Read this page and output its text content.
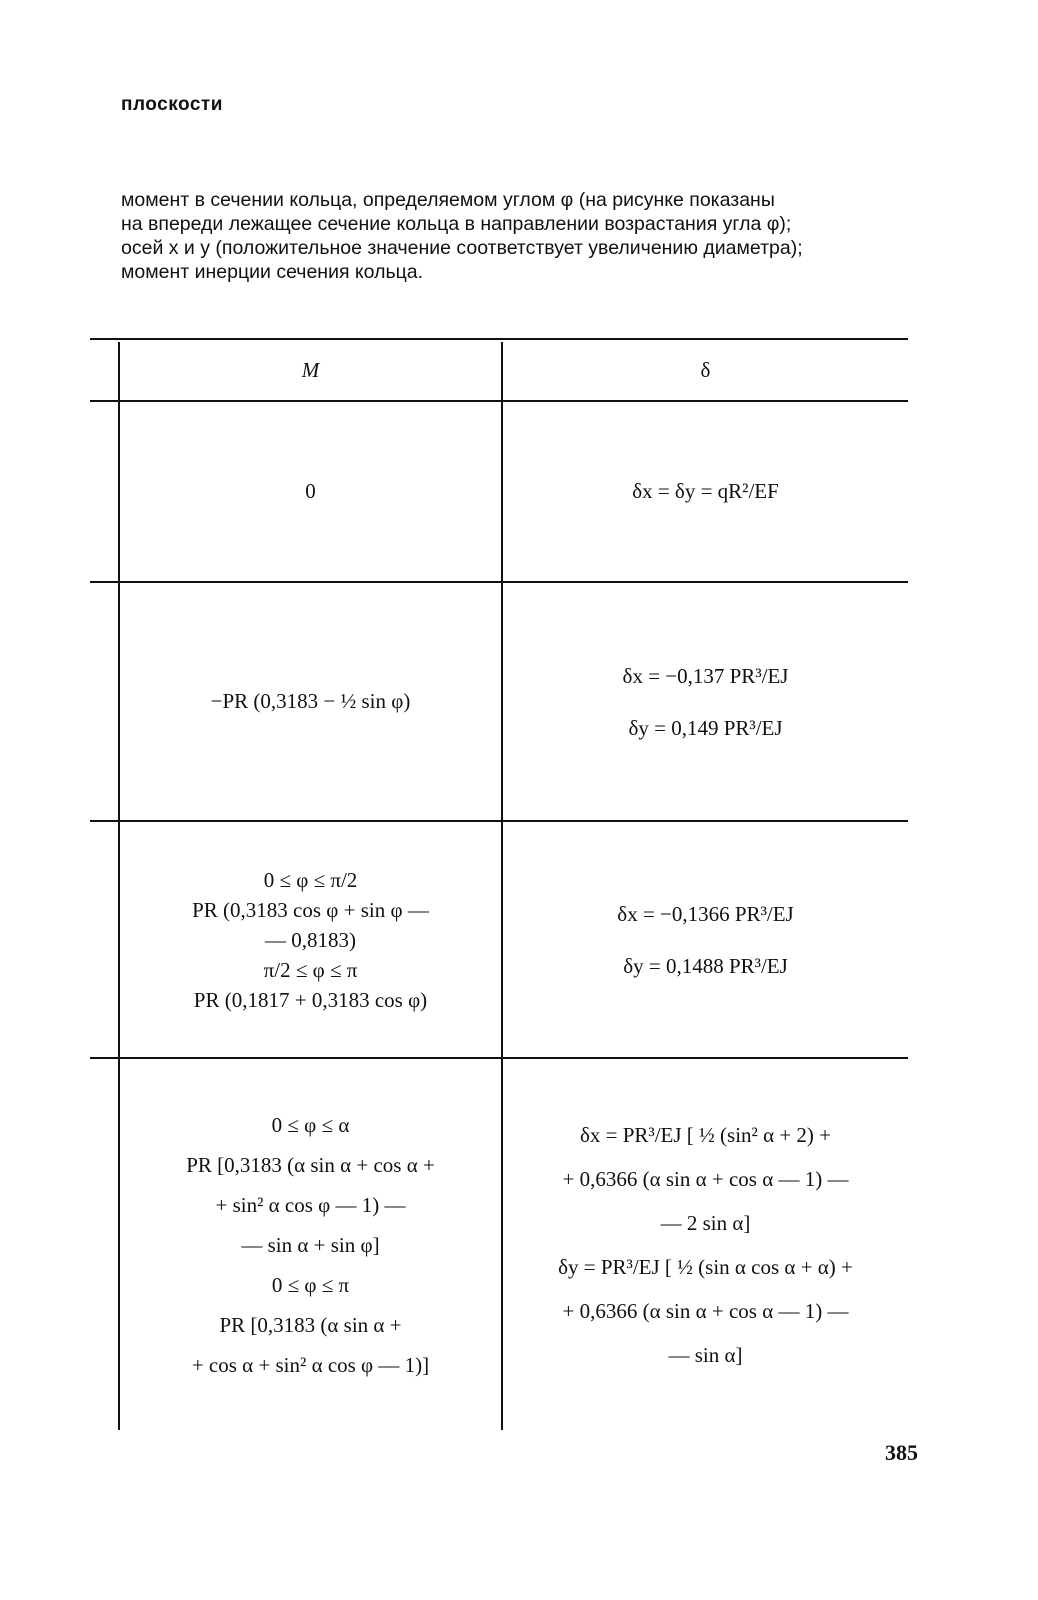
плоскости
момент в сечении кольца, определяемом углом φ (на рисунке показаны
на впереди лежащее сечение кольца в направлении возрастания угла φ);
осей x и y (положительное значение соответствует увеличению диаметра);
момент инерции сечения кольца.
M	δ
0	δx = δy = qR²/EF
−PR (0,3183 − ½ sin φ)
δx = −0,137 PR³/EJ
δy = 0,149 PR³/EJ
0 ≤ φ ≤ π/2
PR (0,3183 cos φ + sin φ —
— 0,8183)
π/2 ≤ φ ≤ π
PR (0,1817 + 0,3183 cos φ)
δx = −0,1366 PR³/EJ
δy = 0,1488 PR³/EJ
0 ≤ φ ≤ α
PR [0,3183 (α sin α + cos α +
+ sin² α cos φ — 1) —
— sin α + sin φ]
0 ≤ φ ≤ π
PR [0,3183 (α sin α +
+ cos α + sin² α cos φ — 1)]
δx = PR³/EJ [ ½ (sin² α + 2) +
+ 0,6366 (α sin α + cos α — 1) —
— 2 sin α]
δy = PR³/EJ [ ½ (sin α cos α + α) +
+ 0,6366 (α sin α + cos α — 1) —
— sin α]
385
